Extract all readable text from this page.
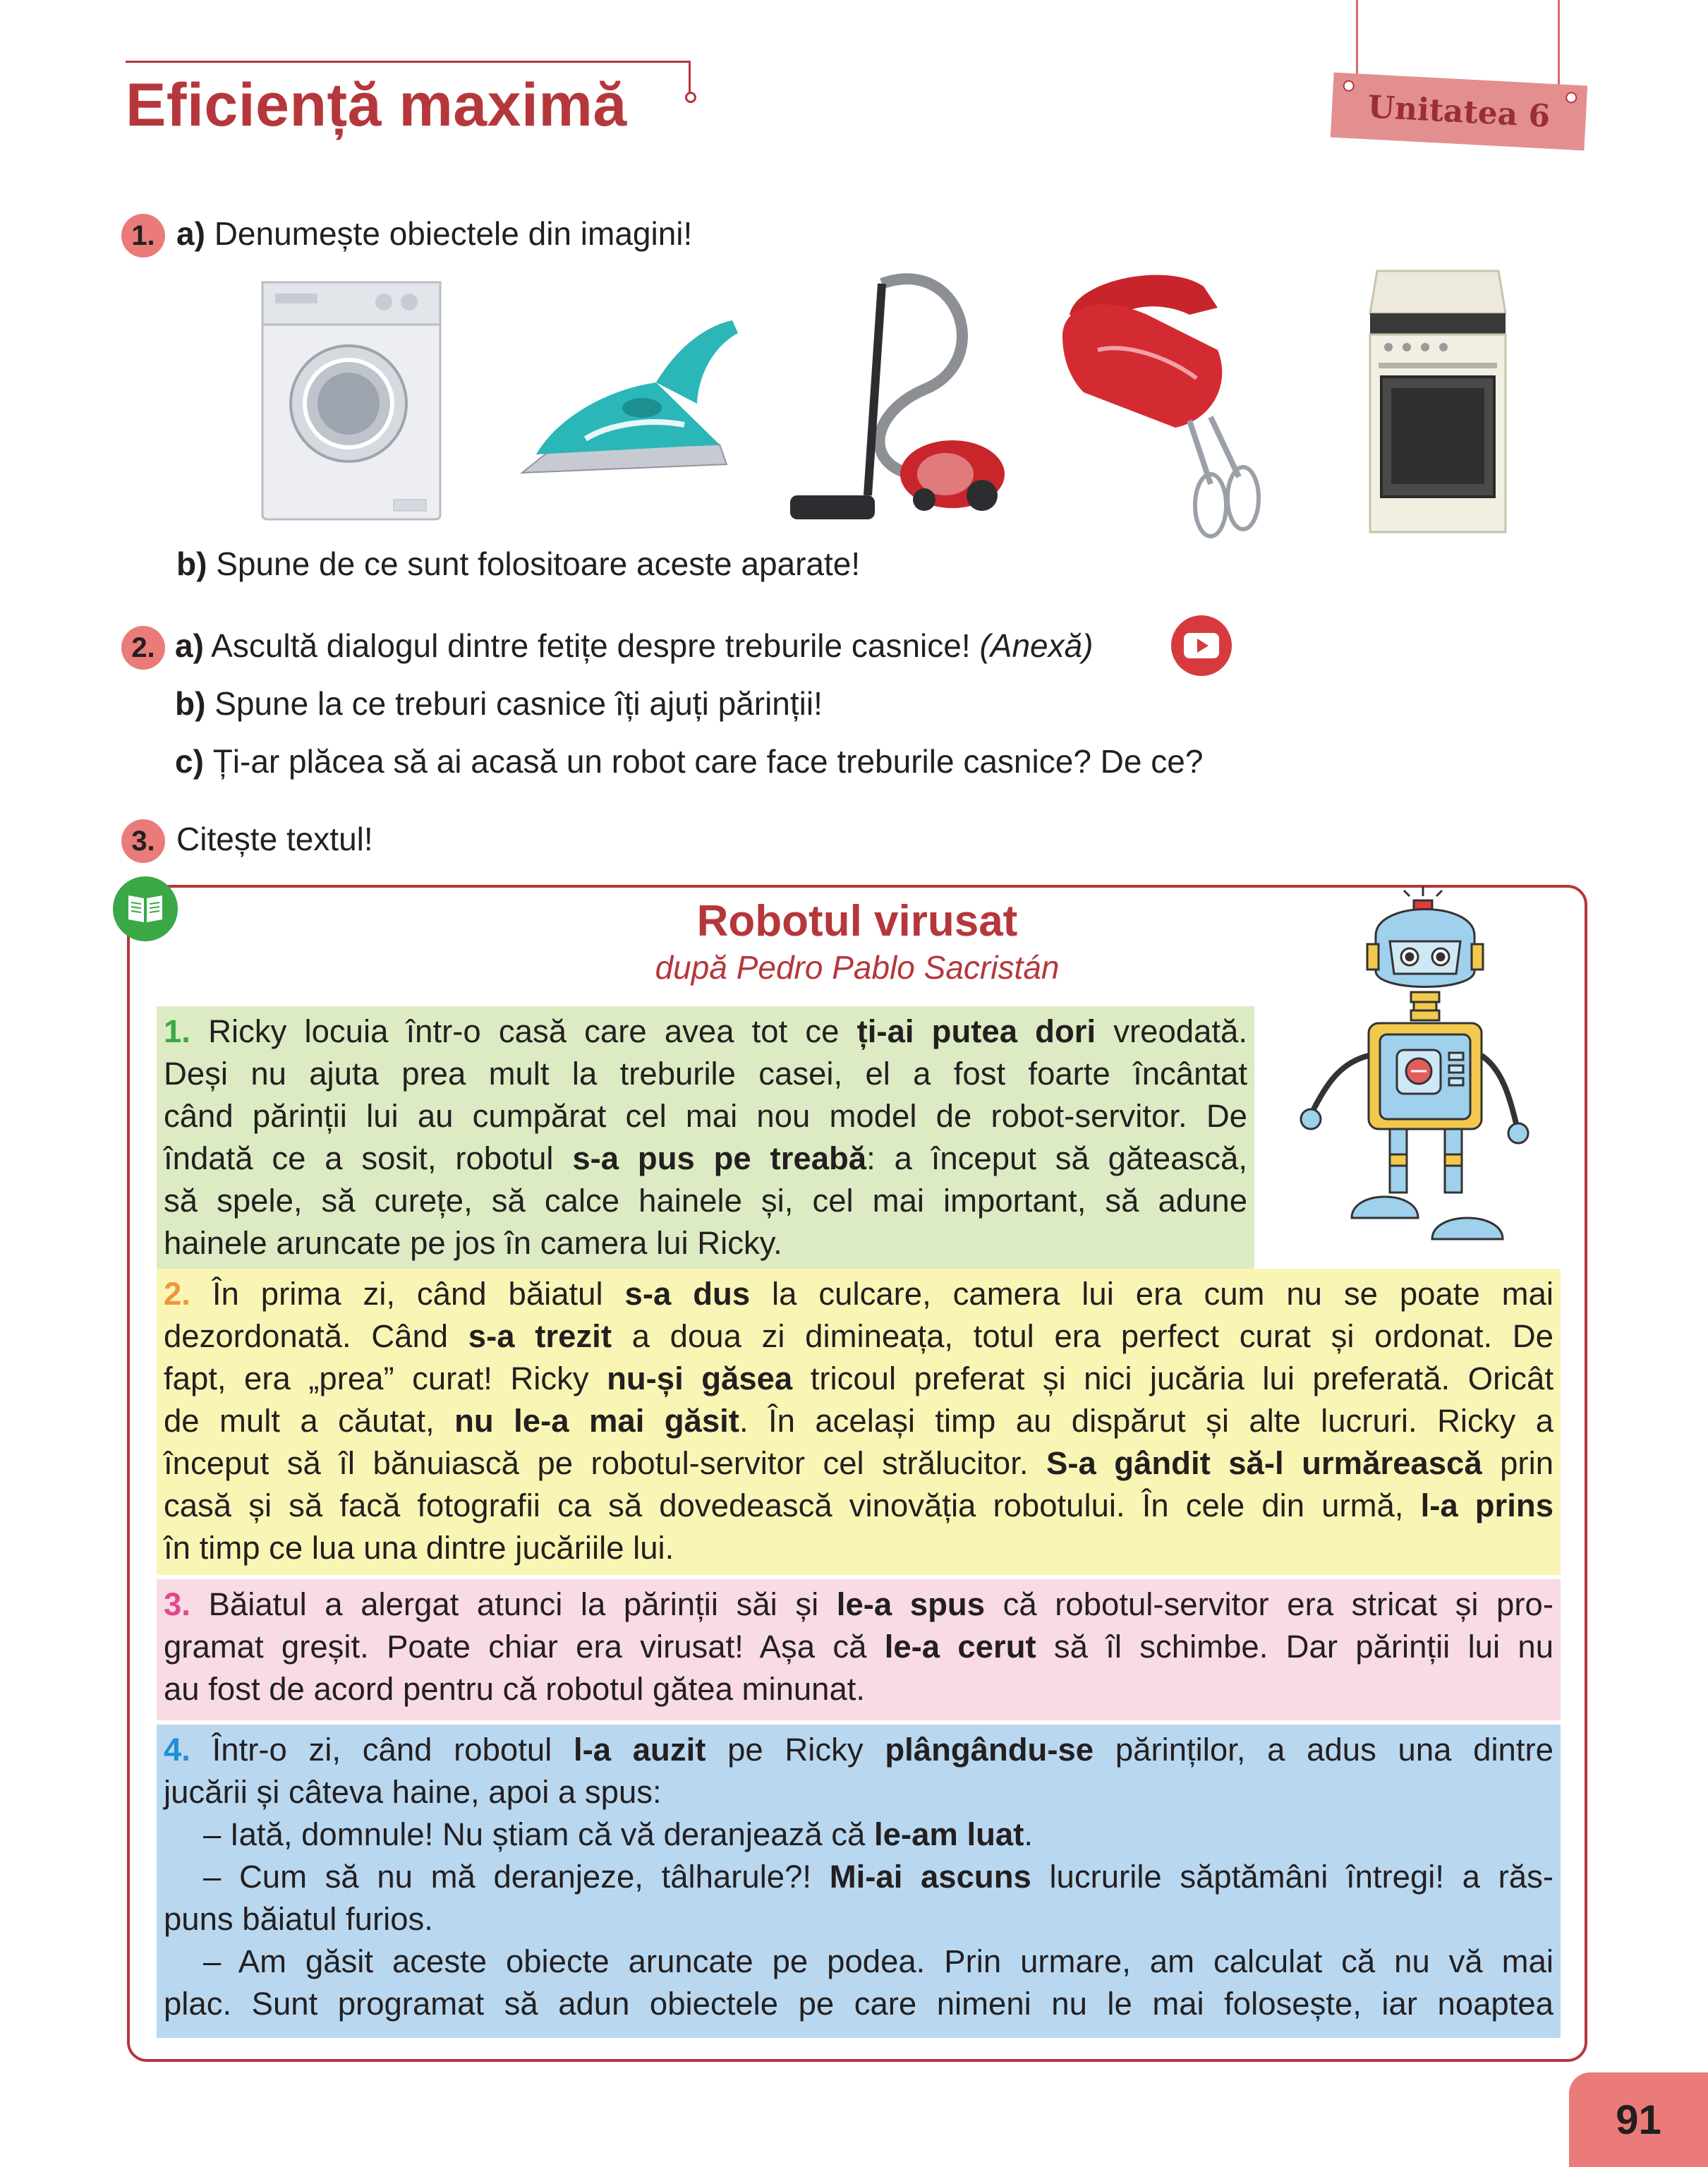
Eficiență maximă	Unitatea 6
1. a) Denumește obiectele din imagini!
b) Spune de ce sunt folositoare aceste aparate!
2. a) Ascultă dialogul dintre fetițe despre treburile casnice! (Anexă)
b) Spune la ce treburi casnice îți ajuți părinții!
c) Ți-ar plăcea să ai acasă un robot care face treburile casnice? De ce?
3. Citește textul!
Robotul virusat
după Pedro Pablo Sacristán
1. Ricky locuia într-o casă care avea tot ce ți-ai putea dori vreodată.
Deși nu ajuta prea mult la treburile casei, el a fost foarte încântat
când părinții lui au cumpărat cel mai nou model de robot-servitor. De
îndată ce a sosit, robotul s-a pus pe treabă: a început să gătească,
să spele, să curețe, să calce hainele și, cel mai important, să adune
hainele aruncate pe jos în camera lui Ricky.
2. În prima zi, când băiatul s-a dus la culcare, camera lui era cum nu se poate mai
dezordonată. Când s-a trezit a doua zi dimineața, totul era perfect curat și ordonat. De
fapt, era „prea” curat! Ricky nu-și găsea tricoul preferat și nici jucăria lui preferată. Oricât
de mult a căutat, nu le-a mai găsit. În același timp au dispărut și alte lucruri. Ricky a
început să îl bănuiască pe robotul-servitor cel strălucitor. S-a gândit să-l urmărească prin
casă și să facă fotografii ca să dovedească vinovăția robotului. În cele din urmă, l-a prins
în timp ce lua una dintre jucăriile lui.
3. Băiatul a alergat atunci la părinții săi și le-a spus că robotul-servitor era stricat și pro-
gramat greșit. Poate chiar era virusat! Așa că le-a cerut să îl schimbe. Dar părinții lui nu
au fost de acord pentru că robotul gătea minunat.
4. Într-o zi, când robotul l-a auzit pe Ricky plângându-se părinților, a adus una dintre
jucării și câteva haine, apoi a spus:
– Iată, domnule! Nu știam că vă deranjează că le-am luat.
– Cum să nu mă deranjeze, tâlharule?! Mi-ai ascuns lucrurile săptămâni întregi! a răs-
puns băiatul furios.
– Am găsit aceste obiecte aruncate pe podea. Prin urmare, am calculat că nu vă mai
plac. Sunt programat să adun obiectele pe care nimeni nu le mai folosește, iar noaptea
91
